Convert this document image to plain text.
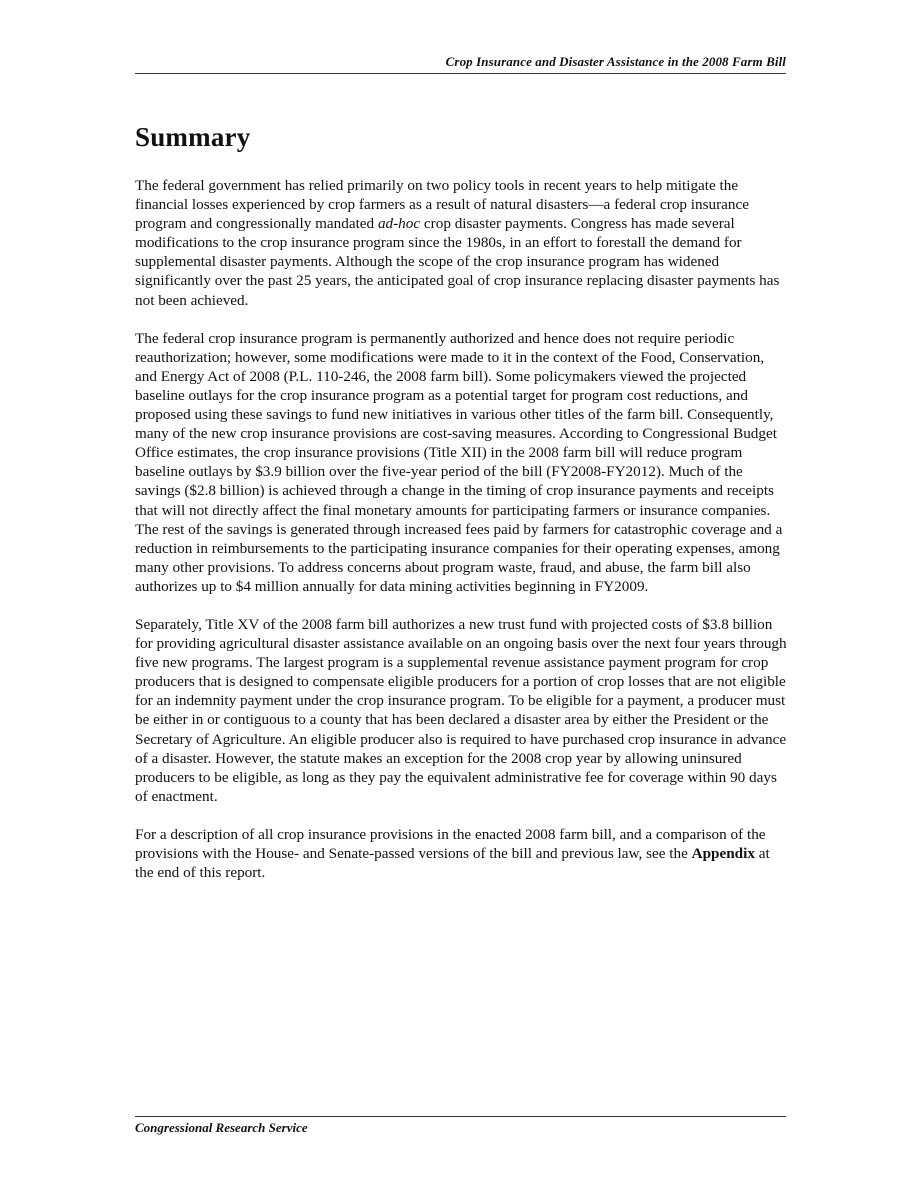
Crop Insurance and Disaster Assistance in the 2008 Farm Bill
Summary

The federal government has relied primarily on two policy tools in recent years to help mitigate the financial losses experienced by crop farmers as a result of natural disasters—a federal crop insurance program and congressionally mandated ad-hoc crop disaster payments. Congress has made several modifications to the crop insurance program since the 1980s, in an effort to forestall the demand for supplemental disaster payments. Although the scope of the crop insurance program has widened significantly over the past 25 years, the anticipated goal of crop insurance replacing disaster payments has not been achieved.

The federal crop insurance program is permanently authorized and hence does not require periodic reauthorization; however, some modifications were made to it in the context of the Food, Conservation, and Energy Act of 2008 (P.L. 110-246, the 2008 farm bill). Some policymakers viewed the projected baseline outlays for the crop insurance program as a potential target for program cost reductions, and proposed using these savings to fund new initiatives in various other titles of the farm bill. Consequently, many of the new crop insurance provisions are cost-saving measures. According to Congressional Budget Office estimates, the crop insurance provisions (Title XII) in the 2008 farm bill will reduce program baseline outlays by $3.9 billion over the five-year period of the bill (FY2008-FY2012). Much of the savings ($2.8 billion) is achieved through a change in the timing of crop insurance payments and receipts that will not directly affect the final monetary amounts for participating farmers or insurance companies. The rest of the savings is generated through increased fees paid by farmers for catastrophic coverage and a reduction in reimbursements to the participating insurance companies for their operating expenses, among many other provisions. To address concerns about program waste, fraud, and abuse, the farm bill also authorizes up to $4 million annually for data mining activities beginning in FY2009.

Separately, Title XV of the 2008 farm bill authorizes a new trust fund with projected costs of $3.8 billion for providing agricultural disaster assistance available on an ongoing basis over the next four years through five new programs. The largest program is a supplemental revenue assistance payment program for crop producers that is designed to compensate eligible producers for a portion of crop losses that are not eligible for an indemnity payment under the crop insurance program. To be eligible for a payment, a producer must be either in or contiguous to a county that has been declared a disaster area by either the President or the Secretary of Agriculture. An eligible producer also is required to have purchased crop insurance in advance of a disaster. However, the statute makes an exception for the 2008 crop year by allowing uninsured producers to be eligible, as long as they pay the equivalent administrative fee for coverage within 90 days of enactment.

For a description of all crop insurance provisions in the enacted 2008 farm bill, and a comparison of the provisions with the House- and Senate-passed versions of the bill and previous law, see the Appendix at the end of this report.

Congressional Research Service
